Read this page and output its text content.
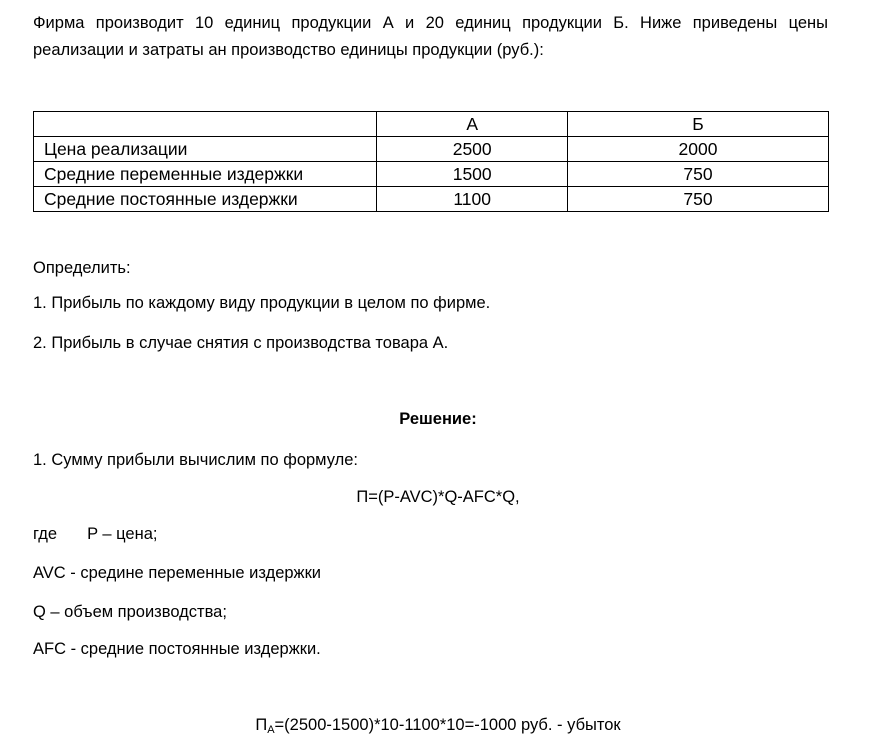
Фирма производит 10 единиц продукции А и 20 единиц продукции Б. Ниже приведены цены реализации и затраты ан производство единицы продукции (руб.):

	А	Б
Цена реализации	2500	2000
Средние переменные издержки	1500	750
Средние постоянные издержки	1100	750

Определить:

1. Прибыль по каждому виду продукции в целом по фирме.

2. Прибыль в случае снятия с производства товара А.

Решение:

1. Сумму прибыли вычислим по формуле:

П=(P-AVC)*Q-AFC*Q,

где P – цена;

AVC - средине переменные издержки

Q – объем производства;

AFC - средние постоянные издержки.

$П_А=(2500-1500)*10-1100*10=-1000$ руб. - убыток
